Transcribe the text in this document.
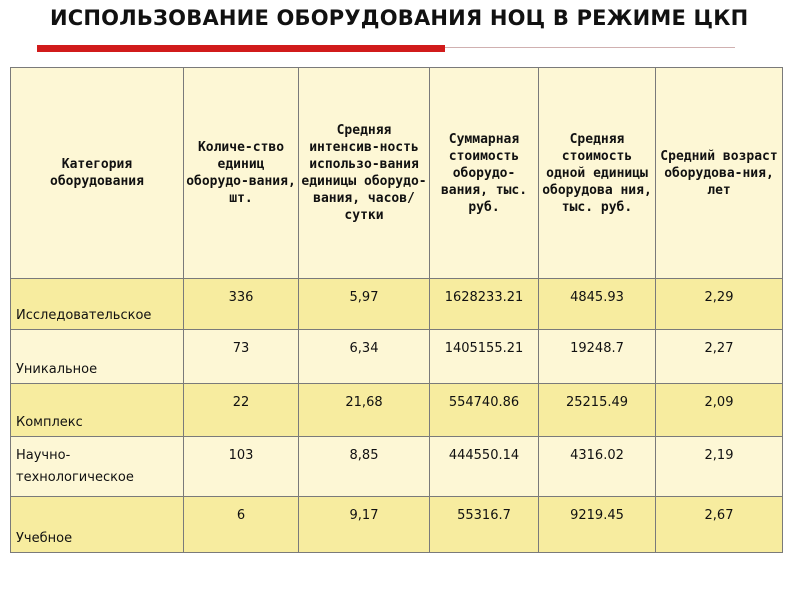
ИСПОЛЬЗОВАНИЕ ОБОРУДОВАНИЯ НОЦ В РЕЖИМЕ ЦКП
Категория оборудования	Количе-ство единиц оборудо-вания, шт.	Средняя интенсив-ность использо-вания единицы оборудо-вания, часов/сутки	Суммарная стоимость оборудо-вания, тыс. руб.	Средняя стоимость одной единицы оборудова ния, тыс. руб.	Средний возраст оборудова-ния, лет
Исследовательское	336	5,97	1628233.21	4845.93	2,29
Уникальное	73	6,34	1405155.21	19248.7	2,27
Комплекс	22	21,68	554740.86	25215.49	2,09
Научно-технологическое	103	8,85	444550.14	4316.02	2,19
Учебное	6	9,17	55316.7	9219.45	2,67
